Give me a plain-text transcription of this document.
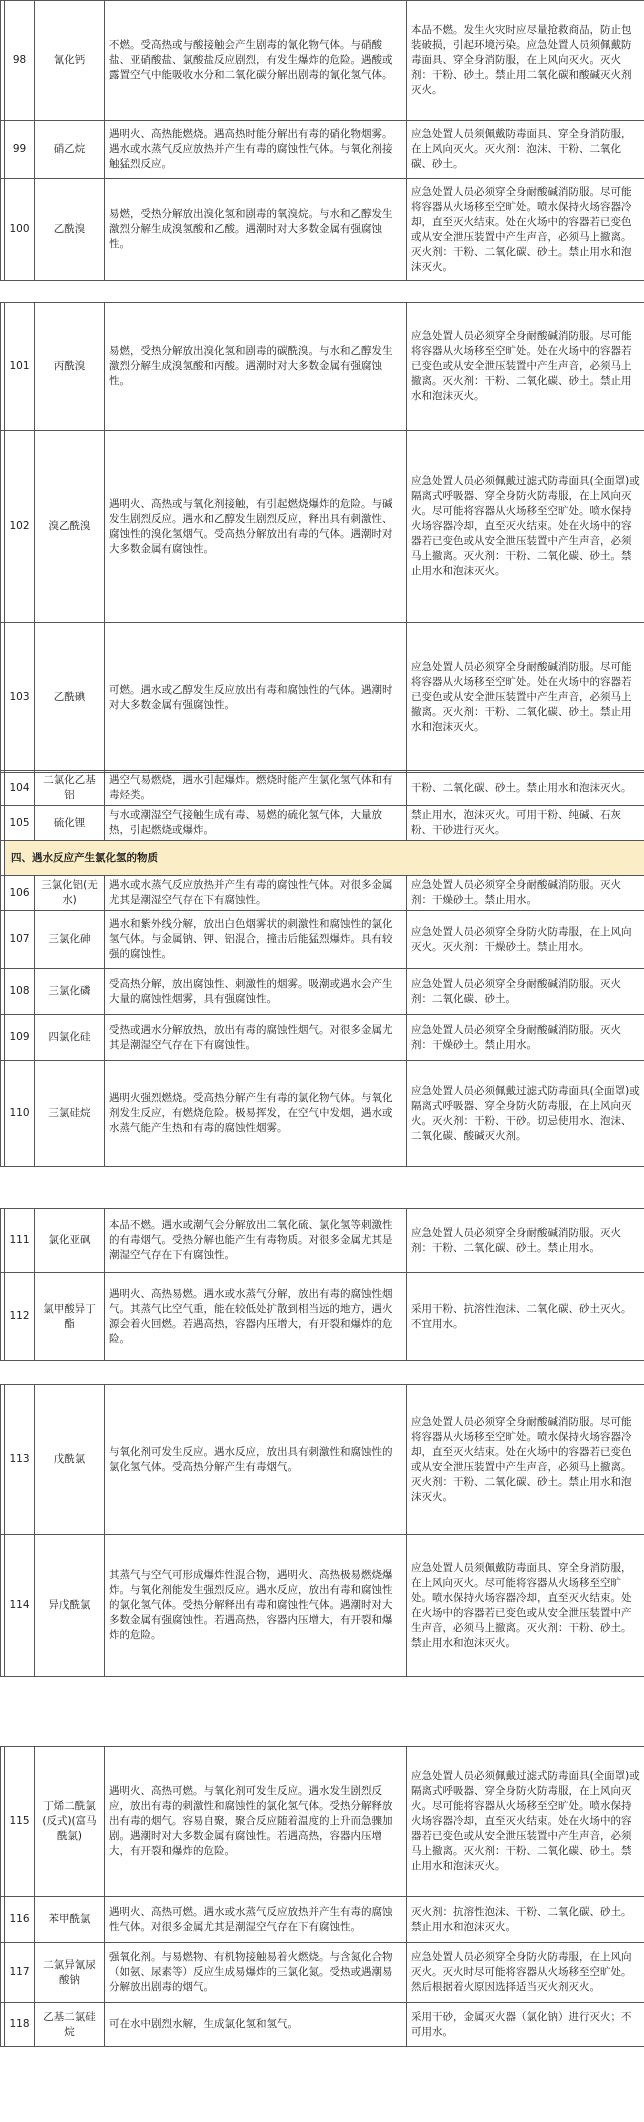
	98	氰化钙	不燃。受高热或与酸接触会产生剧毒的氰化物气体。与硝酸盐、亚硝酸盐、氯酸盐反应剧烈，有发生爆炸的危险。遇酸或露置空气中能吸收水分和二氧化碳分解出剧毒的氰化氢气体。	本品不燃。发生火灾时应尽量抢救商品，防止包装破损，引起环境污染。应急处置人员须佩戴防毒面具、穿全身消防服，在上风向灭火。灭火剂：干粉、砂土。禁止用二氧化碳和酸碱灭火剂灭火。
	99	硝乙烷	遇明火、高热能燃烧。遇高热时能分解出有毒的硝化物烟雾。遇水或水蒸气反应放热并产生有毒的腐蚀性气体。与氧化剂接触猛烈反应。	应急处置人员须佩戴防毒面具、穿全身消防服，在上风向灭火。灭火剂：泡沫、干粉、二氧化碳、砂土。
	100	乙酰溴	易燃，受热分解放出溴化氢和剧毒的氧溴烷。与水和乙醇发生激烈分解生成溴氢酸和乙酸。遇潮时对大多数金属有强腐蚀性。	应急处置人员必须穿全身耐酸碱消防服。尽可能将容器从火场移至空旷处。喷水保持火场容器冷却，直至灭火结束。处在火场中的容器若已变色或从安全泄压装置中产生声音，必须马上撤离。灭火剂：干粉、二氧化碳、砂土。禁止用水和泡沫灭火。
	101	丙酰溴	易燃，受热分解放出溴化氢和剧毒的碳酰溴。与水和乙醇发生激烈分解生成溴氢酸和丙酸。遇潮时对大多数金属有强腐蚀性。	应急处置人员必须穿全身耐酸碱消防服。尽可能将容器从火场移至空旷处。处在火场中的容器若已变色或从安全泄压装置中产生声音，必须马上撤离。灭火剂：干粉、二氧化碳、砂土。禁止用水和泡沫灭火。
	102	溴乙酰溴	遇明火、高热或与氧化剂接触，有引起燃烧爆炸的危险。与碱发生剧烈反应。遇水和乙醇发生剧烈反应，释出具有刺激性、腐蚀性的溴化氢烟气。受高热分解放出有毒的气体。遇潮时对大多数金属有腐蚀性。	应急处置人员必须佩戴过滤式防毒面具(全面罩)或隔离式呼吸器、穿全身防火防毒服，在上风向灭火。尽可能将容器从火场移至空旷处。喷水保持火场容器冷却，直至灭火结束。处在火场中的容器若已变色或从安全泄压装置中产生声音，必须马上撤离。灭火剂：干粉、二氧化碳、砂土。禁止用水和泡沫灭火。
	103	乙酰碘	可燃。遇水或乙醇发生反应放出有毒和腐蚀性的气体。遇潮时对大多数金属有强腐蚀性。	应急处置人员必须穿全身耐酸碱消防服。尽可能将容器从火场移至空旷处。处在火场中的容器若已变色或从安全泄压装置中产生声音，必须马上撤离。灭火剂：干粉、二氧化碳、砂土。禁止用水和泡沫灭火。
	104	二氯化乙基铝	遇空气易燃烧，遇水引起爆炸。燃烧时能产生氯化氢气体和有毒烃类。	干粉、二氧化碳、砂土。禁止用水和泡沫灭火。
	105	硫化锂	与水或潮湿空气接触生成有毒、易燃的硫化氢气体，大量放热，引起燃烧或爆炸。	禁止用水，泡沫灭火。可用干粉、纯碱、石灰粉、干砂进行灭火。
	四、遇水反应产生氯化氢的物质			
	106	三氯化铝(无水)	遇水或水蒸气反应放热并产生有毒的腐蚀性气体。对很多金属尤其是潮湿空气存在下有腐蚀性。	应急处置人员必须穿全身耐酸碱消防服。灭火剂：干燥砂土。禁止用水。
	107	三氯化砷	遇水和紫外线分解，放出白色烟雾状的刺激性和腐蚀性的氯化氢气体。与金属钠、钾、铝混合，撞击后能猛烈爆炸。具有较强的腐蚀性。	应急处置人员必须穿全身防火防毒服，在上风向灭火。灭火剂：干燥砂土。禁止用水。
	108	三氯化磷	受高热分解，放出腐蚀性、刺激性的烟雾。吸潮或遇水会产生大量的腐蚀性烟雾，具有强腐蚀性。	应急处置人员必须穿全身耐酸碱消防服。灭火剂：二氧化碳、砂土。
	109	四氯化硅	受热或遇水分解放热，放出有毒的腐蚀性烟气。对很多金属尤其是潮湿空气存在下有腐蚀性。	应急处置人员必须穿全身耐酸碱消防服。灭火剂：干燥砂土。禁止用水。
	110	三氯硅烷	遇明火强烈燃烧。受高热分解产生有毒的氯化物气体。与氧化剂发生反应，有燃烧危险。极易挥发，在空气中发烟，遇水或水蒸气能产生热和有毒的腐蚀性烟雾。	应急处置人员必须佩戴过滤式防毒面具(全面罩)或隔离式呼吸器、穿全身防火防毒服，在上风向灭火。灭火剂：干粉、干砂。切忌使用水、泡沫、二氧化碳、酸碱灭火剂。
	111	氯化亚砜	本品不燃。遇水或潮气会分解放出二氧化硫、氯化氢等刺激性的有毒烟气。受热分解也能产生有毒物质。对很多金属尤其是潮湿空气存在下有腐蚀性。	应急处置人员必须穿全身耐酸碱消防服。灭火剂：干粉、二氧化碳、砂土。禁止用水。
	112	氯甲酸异丁酯	遇明火、高热易燃。遇水或水蒸气分解，放出有毒的腐蚀性烟气。其蒸气比空气重，能在较低处扩散到相当远的地方，遇火源会着火回燃。若遇高热，容器内压增大，有开裂和爆炸的危险。	采用干粉、抗溶性泡沫、二氧化碳、砂土灭火。不宜用水。
	113	戊酰氯	与氧化剂可发生反应。遇水反应，放出具有刺激性和腐蚀性的氯化氢气体。受高热分解产生有毒烟气。	应急处置人员必须穿全身耐酸碱消防服。尽可能将容器从火场移至空旷处。喷水保持火场容器冷却，直至灭火结束。处在火场中的容器若已变色或从安全泄压装置中产生声音，必须马上撤离。灭火剂：干粉、二氧化碳、砂土。禁止用水和泡沫灭火。
	114	异戊酰氯	其蒸气与空气可形成爆炸性混合物，遇明火、高热极易燃烧爆炸。与氧化剂能发生强烈反应。遇水反应，放出有毒和腐蚀性的氯化氢气体。受热分解释出有毒和腐蚀性气体。遇潮时对大多数金属有强腐蚀性。若遇高热，容器内压增大，有开裂和爆炸的危险。	应急处置人员须佩戴防毒面具、穿全身消防服，在上风向灭火。尽可能将容器从火场移至空旷处。喷水保持火场容器冷却，直至灭火结束。处在火场中的容器若已变色或从安全泄压装置中产生声音，必须马上撤离。灭火剂：干粉、砂土。禁止用水和泡沫灭火。
	115	丁烯二酰氯(反式)(富马酰氯)	遇明火、高热可燃。与氧化剂可发生反应。遇水发生剧烈反应，放出有毒的刺激性和腐蚀性的氯化氢气体。受热分解释放出有毒的烟气。容易自聚，聚合反应随着温度的上升而急骤加剧。遇潮时对大多数金属有腐蚀性。若遇高热，容器内压增大，有开裂和爆炸的危险。	应急处置人员必须佩戴过滤式防毒面具(全面罩)或隔离式呼吸器、穿全身防火防毒服，在上风向灭火。尽可能将容器从火场移至空旷处。喷水保持火场容器冷却，直至灭火结束。处在火场中的容器若已变色或从安全泄压装置中产生声音，必须马上撤离。灭火剂：干粉、二氧化碳、砂土。禁止用水和泡沫灭火。
	116	苯甲酰氯	遇明火、高热可燃。遇水或水蒸气反应放热并产生有毒的腐蚀性气体。对很多金属尤其是潮湿空气存在下有腐蚀性。	灭火剂：抗溶性泡沫、干粉、二氧化碳、砂土。禁止用水和泡沫灭火。
	117	二氯异氰尿酸钠	强氧化剂。与易燃物、有机物接触易着火燃烧。与含氮化合物（如氨、尿素等）反应生成易爆炸的三氯化氮。受热或遇潮易分解放出剧毒的烟气。	应急处置人员必须穿全身防火防毒服，在上风向灭火。灭火时尽可能将容器从火场移至空旷处。然后根据着火原因选择适当灭火剂灭火。
	118	乙基二氯硅烷	可在水中剧烈水解，生成氯化氢和氢气。	采用干砂，金属灭火器（氯化钠）进行灭火；不可用水。
